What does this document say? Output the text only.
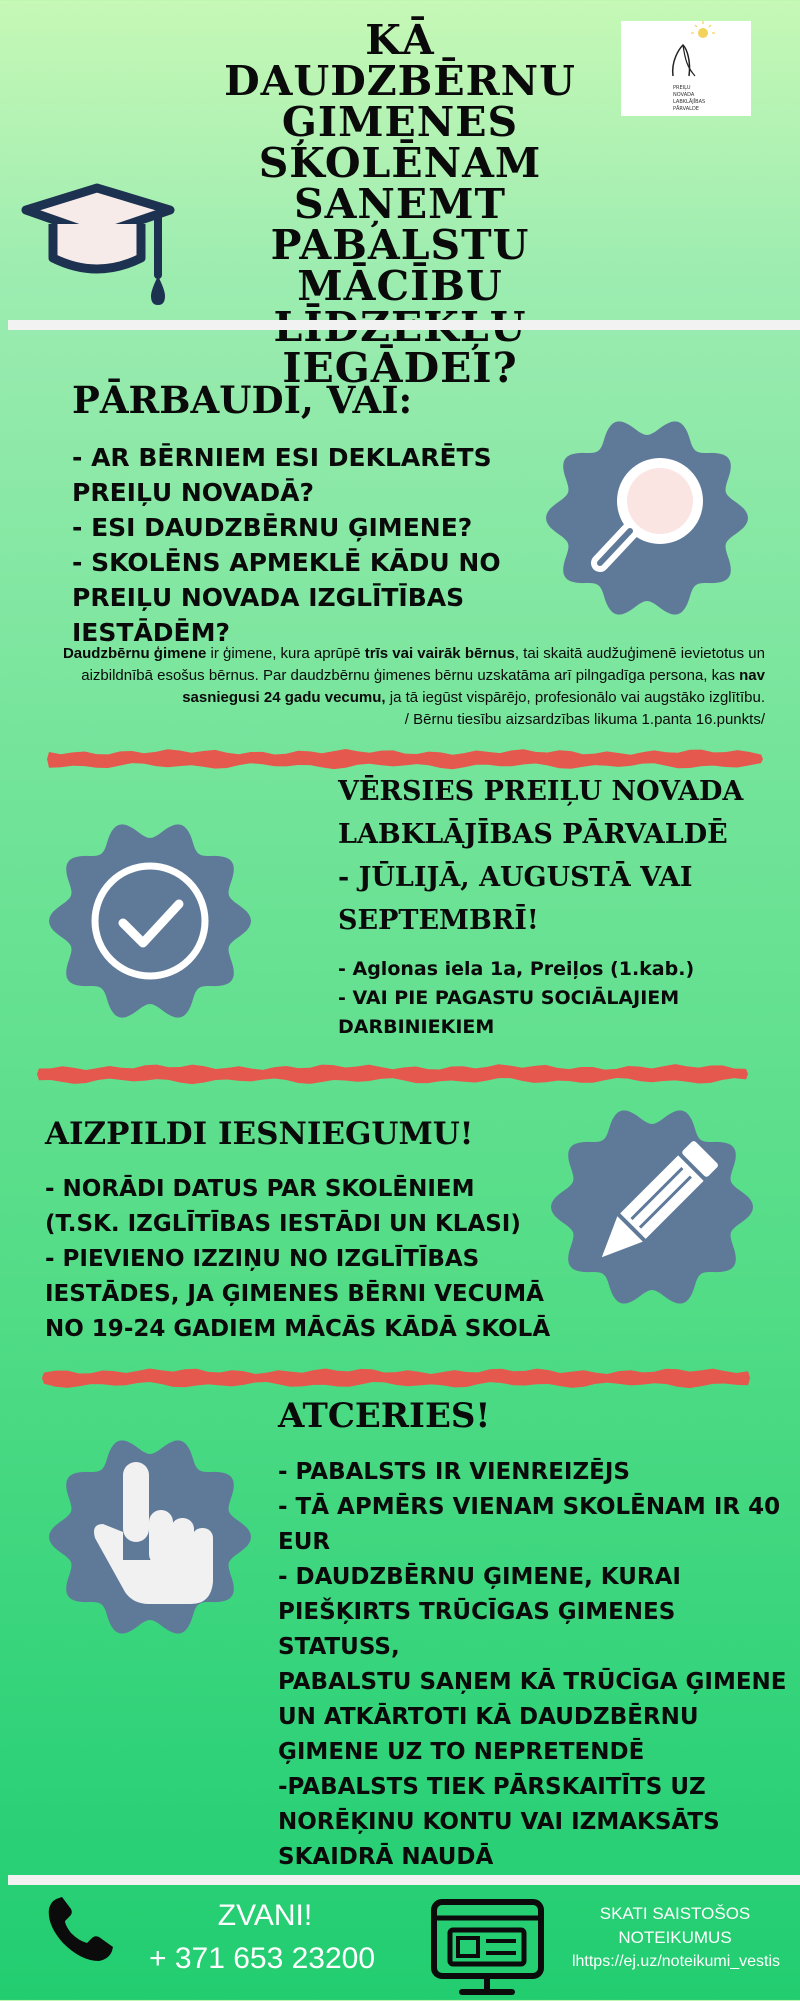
KĀ DAUDZBĒRNU ĢIMENES SKOLĒNAM SAŅEMT PABALSTU MĀCĪBU IEGĀDEI?
PREIĻU
NOVADA
LABKLĀJĪBAS
PĀRVALDE
PĀRBAUDI, VAI:
- AR BĒRNIEM ESI DEKLARĒTS PREIĻU NOVADĀ?
- ESI DAUDZBĒRNU ĢIMENE?
- SKOLĒNS APMEKLĒ KĀDU NO PREIĻU NOVADA IZGLĪTĪBAS IESTĀDĒM?
Daudzbērnu ģimene ir ģimene, kura aprūpē trīs vai vairāk bērnus, tai skaitā audžuģimenē ievietotus un aizbildnībā esošus bērnus. Par daudzbērnu ģimenes bērnu uzskatāma arī pilngadīga persona, kas nav sasniegusi 24 gadu vecumu, ja tā iegūst vispārējo, profesionālo vai augstāko izglītību.
/ Bērnu tiesību aizsardzības likuma 1.panta 16.punkts/
VĒRSIES PREIĻU NOVADA
LABKLĀJĪBAS PĀRVALDĒ
- JŪLIJĀ, AUGUSTĀ VAI
SEPTEMBRĪ!
- Aglonas iela 1a, Preiļos (1.kab.)
- VAI PIE PAGASTU SOCIĀLAJIEM
DARBINIEKIEM
AIZPILDI IESNIEGUMU!
- NORĀDI DATUS PAR SKOLĒNIEM
(T.SK. IZGLĪTĪBAS IESTĀDI UN KLASI)
- PIEVIENO IZZIŅU NO IZGLĪTĪBAS
IESTĀDES, JA ĢIMENES BĒRNI VECUMĀ
NO 19-24 GADIEM MĀCĀS KĀDĀ SKOLĀ
ATCERIES!
- PABALSTS IR VIENREIZĒJS
- TĀ APMĒRS VIENAM SKOLĒNAM IR 40
EUR
- DAUDZBĒRNU ĢIMENE, KURAI
PIEŠĶIRTS TRŪCĪGAS ĢIMENES STATUSS,
PABALSTU SAŅEM KĀ TRŪCĪGA ĢIMENE
UN ATKĀRTOTI KĀ DAUDZBĒRNU
ĢIMENE UZ TO NEPRETENDĒ
-PABALSTS TIEK PĀRSKAITĪTS UZ
NORĒĶINU KONTU VAI IZMAKSĀTS
SKAIDRĀ NAUDĀ
ZVANI!
+ 371 653 23200
SKATI SAISTOŠOS
NOTEIKUMUS
lhttps://ej.uz/noteikumi_vestis
